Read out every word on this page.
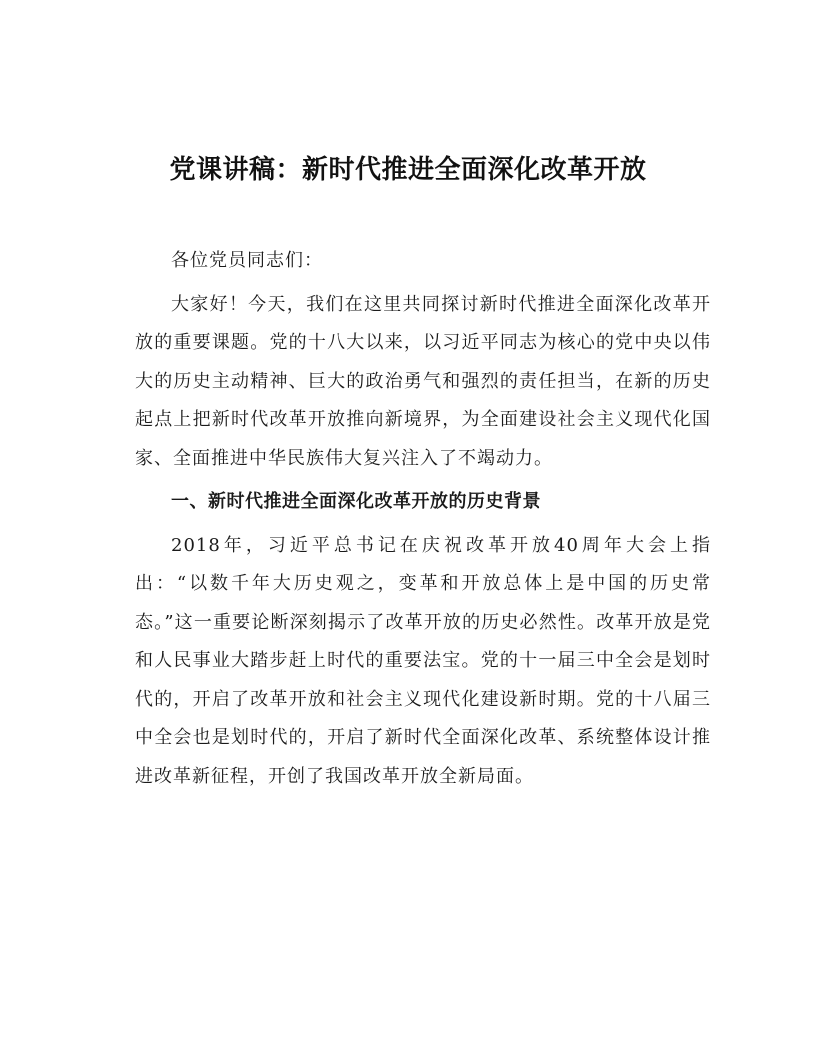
党课讲稿：新时代推进全面深化改革开放

各位党员同志们：

大家好！今天，我们在这里共同探讨新时代推进全面深化改革开放的重要课题。党的十八大以来，以习近平同志为核心的党中央以伟大的历史主动精神、巨大的政治勇气和强烈的责任担当，在新的历史起点上把新时代改革开放推向新境界，为全面建设社会主义现代化国家、全面推进中华民族伟大复兴注入了不竭动力。

一、新时代推进全面深化改革开放的历史背景

2018年，习近平总书记在庆祝改革开放40周年大会上指出：“以数千年大历史观之，变革和开放总体上是中国的历史常态。”这一重要论断深刻揭示了改革开放的历史必然性。改革开放是党和人民事业大踏步赶上时代的重要法宝。党的十一届三中全会是划时代的，开启了改革开放和社会主义现代化建设新时期。党的十八届三中全会也是划时代的，开启了新时代全面深化改革、系统整体设计推进改革新征程，开创了我国改革开放全新局面。
